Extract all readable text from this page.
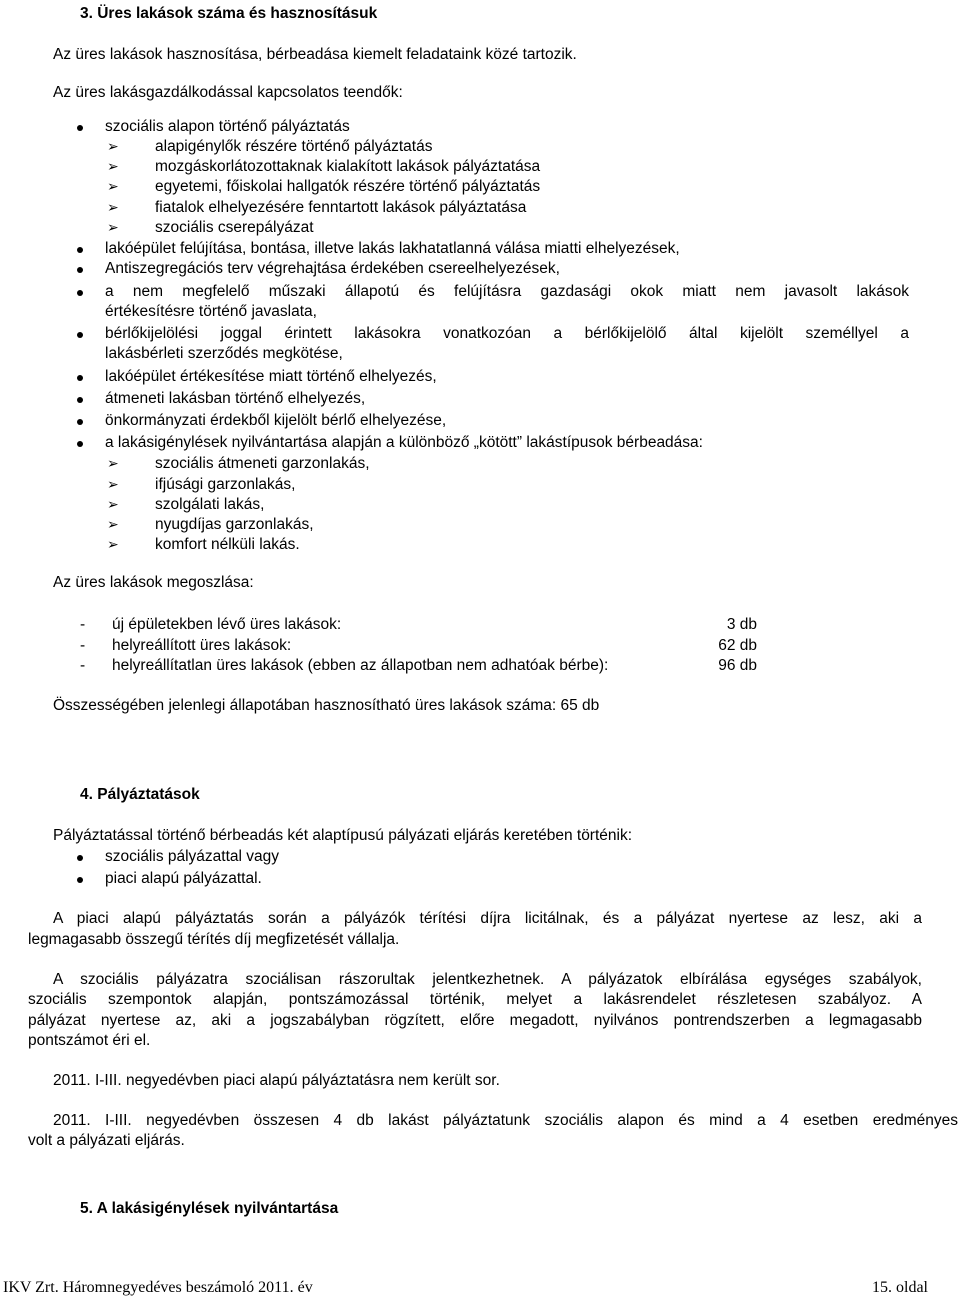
3. Üres lakások száma és hasznosításuk
Az üres lakások hasznosítása, bérbeadása kiemelt feladataink közé tartozik.
Az üres lakásgazdálkodással kapcsolatos teendők:
szociális alapon történő pályáztatás
➢ alapigénylők részére történő pályáztatás
➢ mozgáskorlátozottaknak kialakított lakások pályáztatása
➢ egyetemi, főiskolai hallgatók részére történő pályáztatás
➢ fiatalok elhelyezésére fenntartott lakások pályáztatása
➢ szociális cserepályázat
lakóépület felújítása, bontása, illetve lakás lakhatatlanná válása miatti elhelyezések,
Antiszegregációs terv végrehajtása érdekében csereelhelyezések,
a nem megfelelő műszaki állapotú és felújításra gazdasági okok miatt nem javasolt lakások
értékesítésre történő javaslata,
bérlőkijelölési joggal érintett lakásokra vonatkozóan a bérlőkijelölő által kijelölt személlyel a
lakásbérleti szerződés megkötése,
lakóépület értékesítése miatt történő elhelyezés,
átmeneti lakásban történő elhelyezés,
önkormányzati érdekből kijelölt bérlő elhelyezése,
a lakásigénylések nyilvántartása alapján a különböző „kötött” lakástípusok bérbeadása:
➢ szociális átmeneti garzonlakás,
➢ ifjúsági garzonlakás,
➢ szolgálati lakás,
➢ nyugdíjas garzonlakás,
➢ komfort nélküli lakás.
Az üres lakások megoszlása:
- új épületekben lévő üres lakások:	3 db
- helyreállított üres lakások:	62 db
- helyreállítatlan üres lakások (ebben az állapotban nem adhatóak bérbe):	96 db
Összességében jelenlegi állapotában hasznosítható üres lakások száma: 65 db
4. Pályáztatások
Pályáztatással történő bérbeadás két alaptípusú pályázati eljárás keretében történik:
szociális pályázattal vagy
piaci alapú pályázattal.
A piaci alapú pályáztatás során a pályázók térítési díjra licitálnak, és a pályázat nyertese az lesz, aki a
legmagasabb összegű térítés díj megfizetését vállalja.
A szociális pályázatra szociálisan rászorultak jelentkezhetnek. A pályázatok elbírálása egységes szabályok,
szociális szempontok alapján, pontszámozással történik, melyet a lakásrendelet részletesen szabályoz. A
pályázat nyertese az, aki a jogszabályban rögzített, előre megadott, nyilvános pontrendszerben a legmagasabb
pontszámot éri el.
2011. I-III. negyedévben piaci alapú pályáztatásra nem került sor.
2011. I-III. negyedévben összesen 4 db lakást pályáztatunk szociális alapon és mind a 4 esetben eredményes
volt a pályázati eljárás.
5. A lakásigénylések nyilvántartása
IKV Zrt. Háromnegyedéves beszámoló 2011. év	15. oldal
